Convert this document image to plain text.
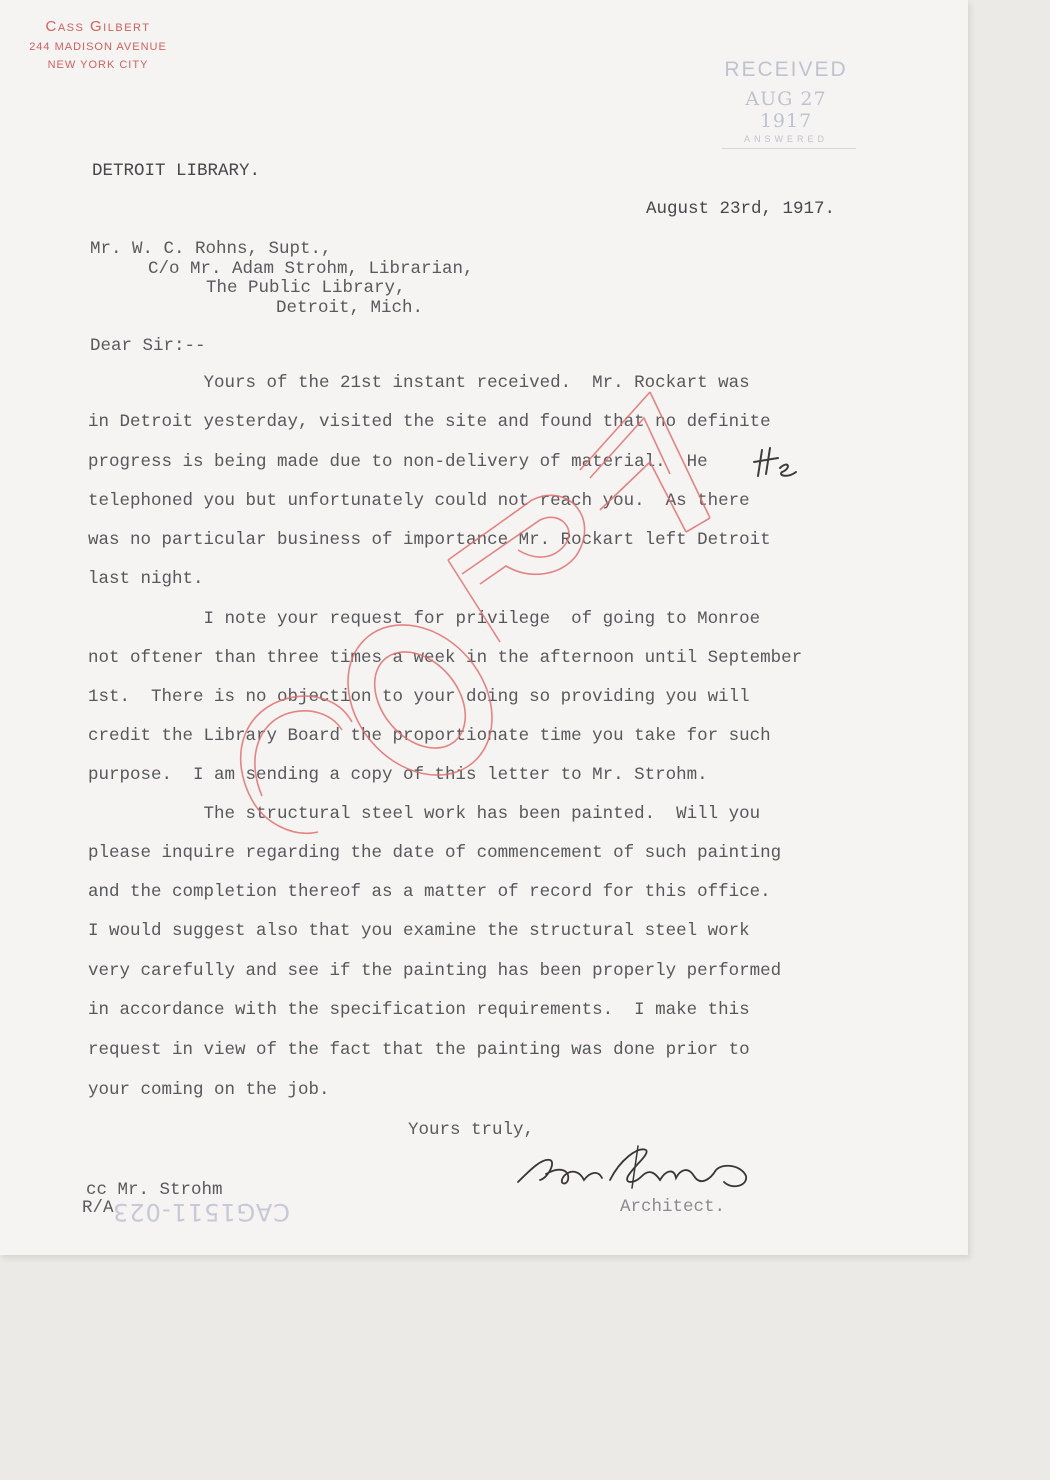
Cass Gilbert
244 MADISON AVENUE
NEW YORK CITY	RECEIVED
AUG 27 1917
ANSWERED
DETROIT LIBRARY.
August 23rd, 1917.
Mr. W. C. Rohns, Supt.,
C/o Mr. Adam Strohm, Librarian,
The Public Library,
Detroit, Mich.
Dear Sir:--
Yours of the 21st instant received.  Mr. Rockart was
in Detroit yesterday, visited the site and found that no definite
progress is being made due to non-delivery of material.  He
telephoned you but unfortunately could not reach you.  As there
was no particular business of importance Mr. Rockart left Detroit
last night.
I note your request for privilege  of going to Monroe
not oftener than three times a week in the afternoon until September
1st.  There is no objection to your doing so providing you will
credit the Library Board the proportionate time you take for such
purpose.  I am sending a copy of this letter to Mr. Strohm.
The structural steel work has been painted.  Will you
please inquire regarding the date of commencement of such painting
and the completion thereof as a matter of record for this office.
I would suggest also that you examine the structural steel work
very carefully and see if the painting has been properly performed
in accordance with the specification requirements.  I make this
request in view of the fact that the painting was done prior to
your coming on the job.
Yours truly,
Architect.
cc Mr. Strohm
R/A
CAG1511-023
